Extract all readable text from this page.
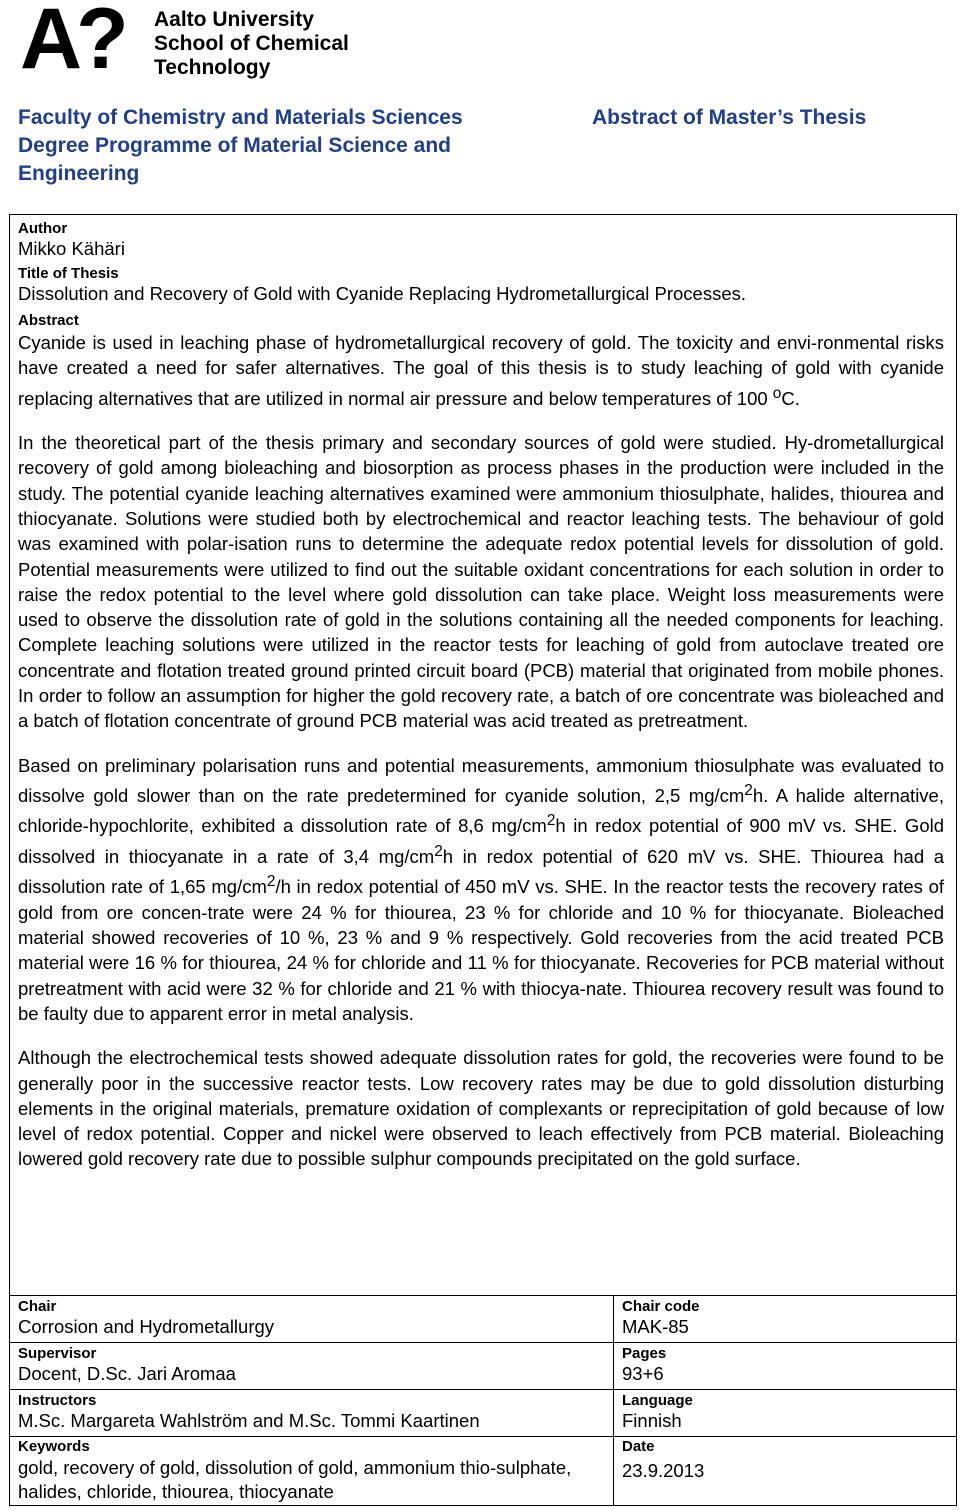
A? Aalto University
School of Chemical
Technology
Faculty of Chemistry and Materials Sciences
Degree Programme of Material Science and
Engineering
Abstract of Master’s Thesis
Author
Mikko Kähäri
Title of Thesis
Dissolution and Recovery of Gold with Cyanide Replacing Hydrometallurgical Processes.
Abstract

Cyanide is used in leaching phase of hydrometallurgical recovery of gold. The toxicity and envi-ronmental risks have created a need for safer alternatives. The goal of this thesis is to study leaching of gold with cyanide replacing alternatives that are utilized in normal air pressure and below temperatures of 100 $^o$C.

In the theoretical part of the thesis primary and secondary sources of gold were studied. Hy-drometallurgical recovery of gold among bioleaching and biosorption as process phases in the production were included in the study. The potential cyanide leaching alternatives examined were ammonium thiosulphate, halides, thiourea and thiocyanate. Solutions were studied both by electrochemical and reactor leaching tests. The behaviour of gold was examined with polar-isation runs to determine the adequate redox potential levels for dissolution of gold. Potential measurements were utilized to find out the suitable oxidant concentrations for each solution in order to raise the redox potential to the level where gold dissolution can take place. Weight loss measurements were used to observe the dissolution rate of gold in the solutions containing all the needed components for leaching. Complete leaching solutions were utilized in the reactor tests for leaching of gold from autoclave treated ore concentrate and flotation treated ground printed circuit board (PCB) material that originated from mobile phones. In order to follow an assumption for higher the gold recovery rate, a batch of ore concentrate was bioleached and a batch of flotation concentrate of ground PCB material was acid treated as pretreatment.

Based on preliminary polarisation runs and potential measurements, ammonium thiosulphate was evaluated to dissolve gold slower than on the rate predetermined for cyanide solution, 2,5 $mg/cm^2h$. A halide alternative, chloride-hypochlorite, exhibited a dissolution rate of 8,6 $mg/cm^2h$ in redox potential of 900 mV vs. SHE. Gold dissolved in thiocyanate in a rate of 3,4 $mg/cm^2h$ in redox potential of 620 mV vs. SHE. Thiourea had a dissolution rate of 1,65 $mg/cm^2/h$ in redox potential of 450 mV vs. SHE. In the reactor tests the recovery rates of gold from ore concen-trate were 24 % for thiourea, 23 % for chloride and 10 % for thiocyanate. Bioleached material showed recoveries of 10 %, 23 % and 9 % respectively. Gold recoveries from the acid treated PCB material were 16 % for thiourea, 24 % for chloride and 11 % for thiocyanate. Recoveries for PCB material without pretreatment with acid were 32 % for chloride and 21 % with thiocya-nate. Thiourea recovery result was found to be faulty due to apparent error in metal analysis.

Although the electrochemical tests showed adequate dissolution rates for gold, the recoveries were found to be generally poor in the successive reactor tests. Low recovery rates may be due to gold dissolution disturbing elements in the original materials, premature oxidation of complexants or reprecipitation of gold because of low level of redox potential. Copper and nickel were observed to leach effectively from PCB material. Bioleaching lowered gold recovery rate due to possible sulphur compounds precipitated on the gold surface.

Chair
Corrosion and Hydrometallurgy
Chair code
MAK-85
Supervisor
Docent, D.Sc. Jari Aromaa
Pages
93+6
Instructors
M.Sc. Margareta Wahlström and M.Sc. Tommi Kaartinen
Language
Finnish
Keywords
gold, recovery of gold, dissolution of gold, ammonium thio-sulphate, halides, chloride, thiourea, thiocyanate
Date
23.9.2013
